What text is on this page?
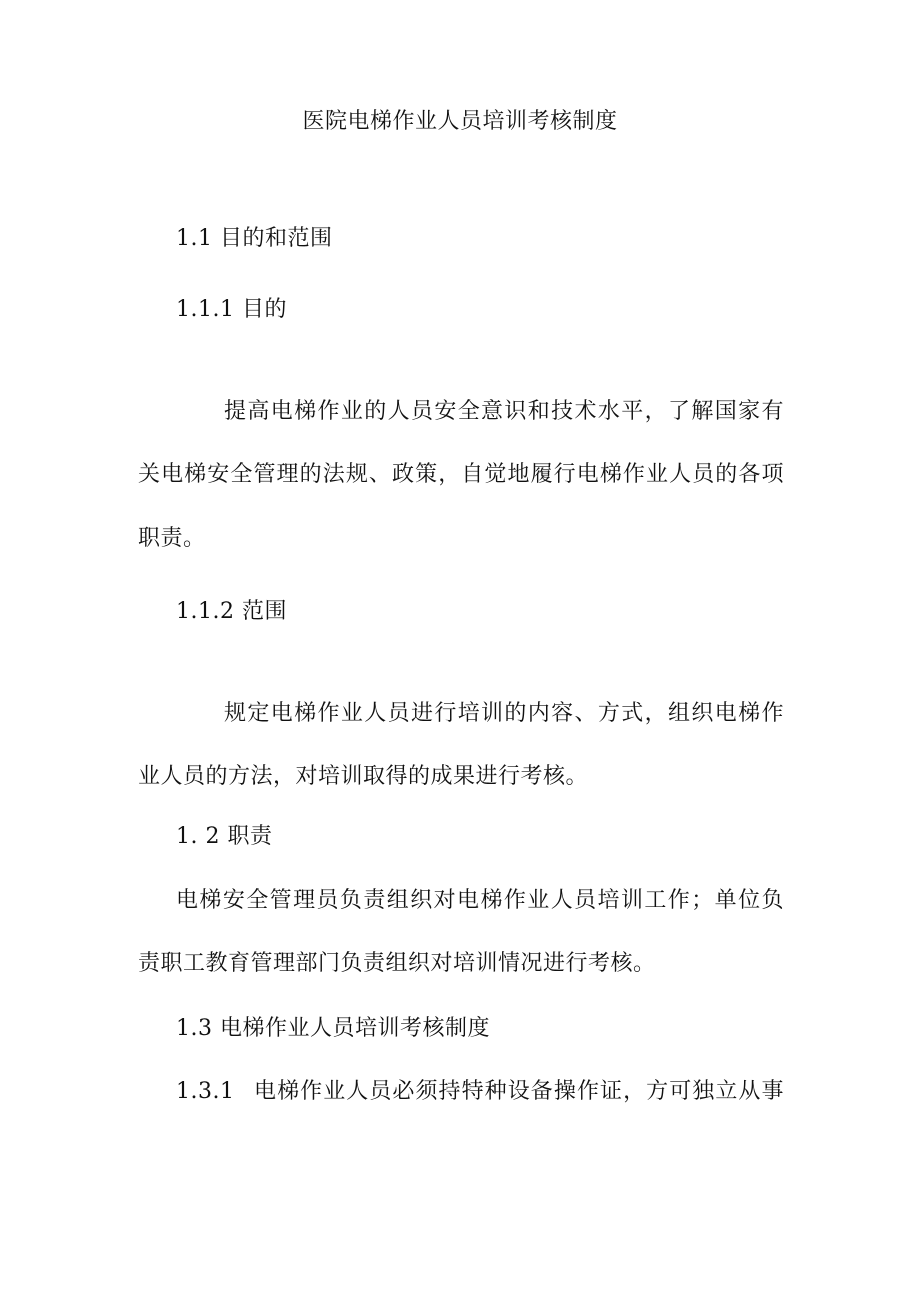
医院电梯作业人员培训考核制度
1.1 目的和范围
1.1.1 目的
提高电梯作业的人员安全意识和技术水平，了解国家有
关电梯安全管理的法规、政策，自觉地履行电梯作业人员的各项
职责。
1.1.2 范围
规定电梯作业人员进行培训的内容、方式，组织电梯作
业人员的方法，对培训取得的成果进行考核。
1. 2 职责
电梯安全管理员负责组织对电梯作业人员培训工作；单位负
责职工教育管理部门负责组织对培训情况进行考核。
1.3 电梯作业人员培训考核制度
1.3.1 电梯作业人员必须持特种设备操作证，方可独立从事
